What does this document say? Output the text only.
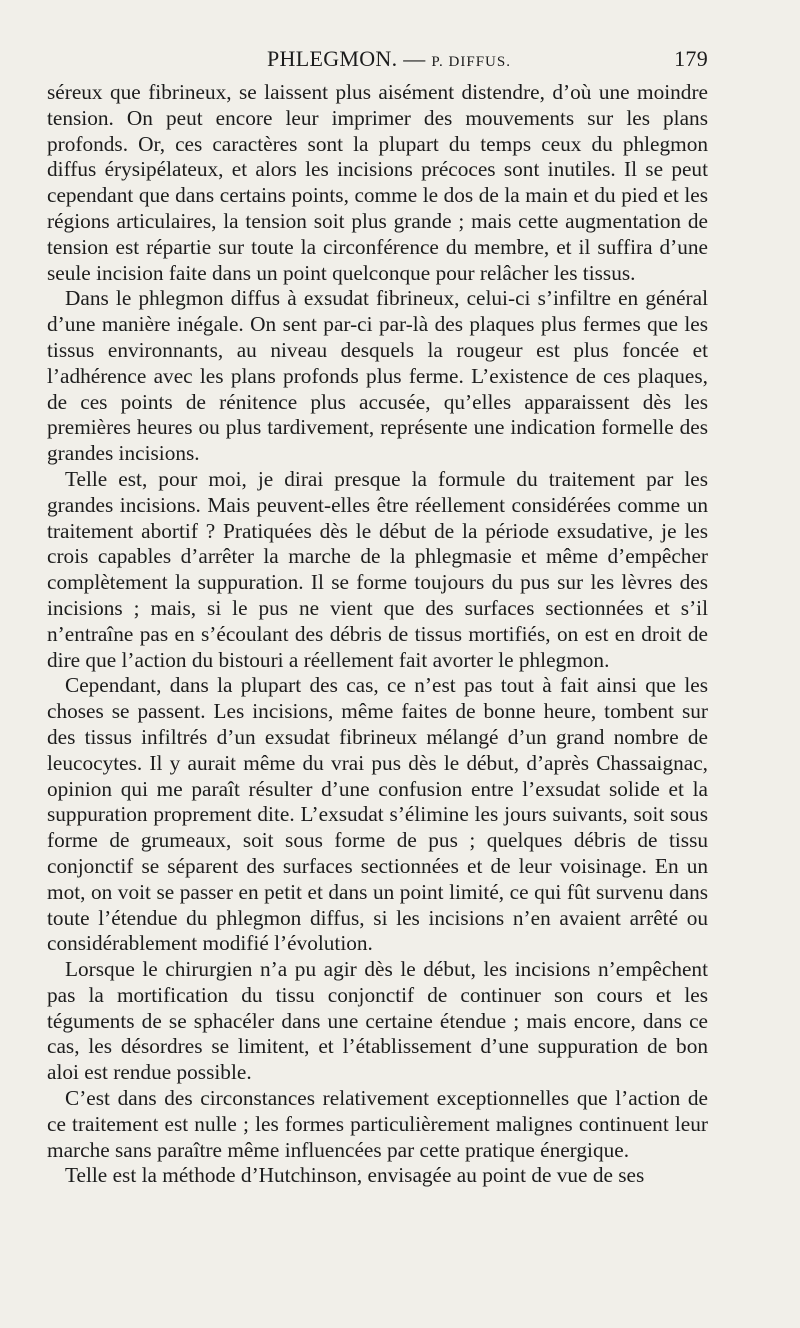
PHLEGMON. — P. DIFFUS.	179

séreux que fibrineux, se laissent plus aisément distendre, d’où une moindre tension. On peut encore leur imprimer des mouvements sur les plans profonds. Or, ces caractères sont la plupart du temps ceux du phlegmon diffus érysipélateux, et alors les incisions précoces sont inutiles. Il se peut cependant que dans certains points, comme le dos de la main et du pied et les régions articulaires, la tension soit plus grande ; mais cette augmentation de tension est répartie sur toute la circonférence du membre, et il suffira d’une seule incision faite dans un point quelconque pour relâcher les tissus.

Dans le phlegmon diffus à exsudat fibrineux, celui-ci s’infiltre en général d’une manière inégale. On sent par-ci par-là des plaques plus fermes que les tissus environnants, au niveau desquels la rougeur est plus foncée et l’adhérence avec les plans profonds plus ferme. L’existence de ces plaques, de ces points de rénitence plus accusée, qu’elles apparaissent dès les premières heures ou plus tardivement, représente une indication formelle des grandes incisions.

Telle est, pour moi, je dirai presque la formule du traitement par les grandes incisions. Mais peuvent-elles être réellement considérées comme un traitement abortif ? Pratiquées dès le début de la période exsudative, je les crois capables d’arrêter la marche de la phlegmasie et même d’empêcher complètement la suppuration. Il se forme toujours du pus sur les lèvres des incisions ; mais, si le pus ne vient que des surfaces sectionnées et s’il n’entraîne pas en s’écoulant des débris de tissus mortifiés, on est en droit de dire que l’action du bistouri a réellement fait avorter le phlegmon.

Cependant, dans la plupart des cas, ce n’est pas tout à fait ainsi que les choses se passent. Les incisions, même faites de bonne heure, tombent sur des tissus infiltrés d’un exsudat fibrineux mélangé d’un grand nombre de leucocytes. Il y aurait même du vrai pus dès le début, d’après Chassaignac, opinion qui me paraît résulter d’une confusion entre l’exsudat solide et la suppuration proprement dite. L’exsudat s’élimine les jours suivants, soit sous forme de grumeaux, soit sous forme de pus ; quelques débris de tissu conjonctif se séparent des surfaces sectionnées et de leur voisinage. En un mot, on voit se passer en petit et dans un point limité, ce qui fût survenu dans toute l’étendue du phlegmon diffus, si les incisions n’en avaient arrêté ou considérablement modifié l’évolution.

Lorsque le chirurgien n’a pu agir dès le début, les incisions n’empêchent pas la mortification du tissu conjonctif de continuer son cours et les téguments de se sphacéler dans une certaine étendue ; mais encore, dans ce cas, les désordres se limitent, et l’établissement d’une suppuration de bon aloi est rendue possible.

C’est dans des circonstances relativement exceptionnelles que l’action de ce traitement est nulle ; les formes particulièrement malignes continuent leur marche sans paraître même influencées par cette pratique énergique.

Telle est la méthode d’Hutchinson, envisagée au point de vue de ses
